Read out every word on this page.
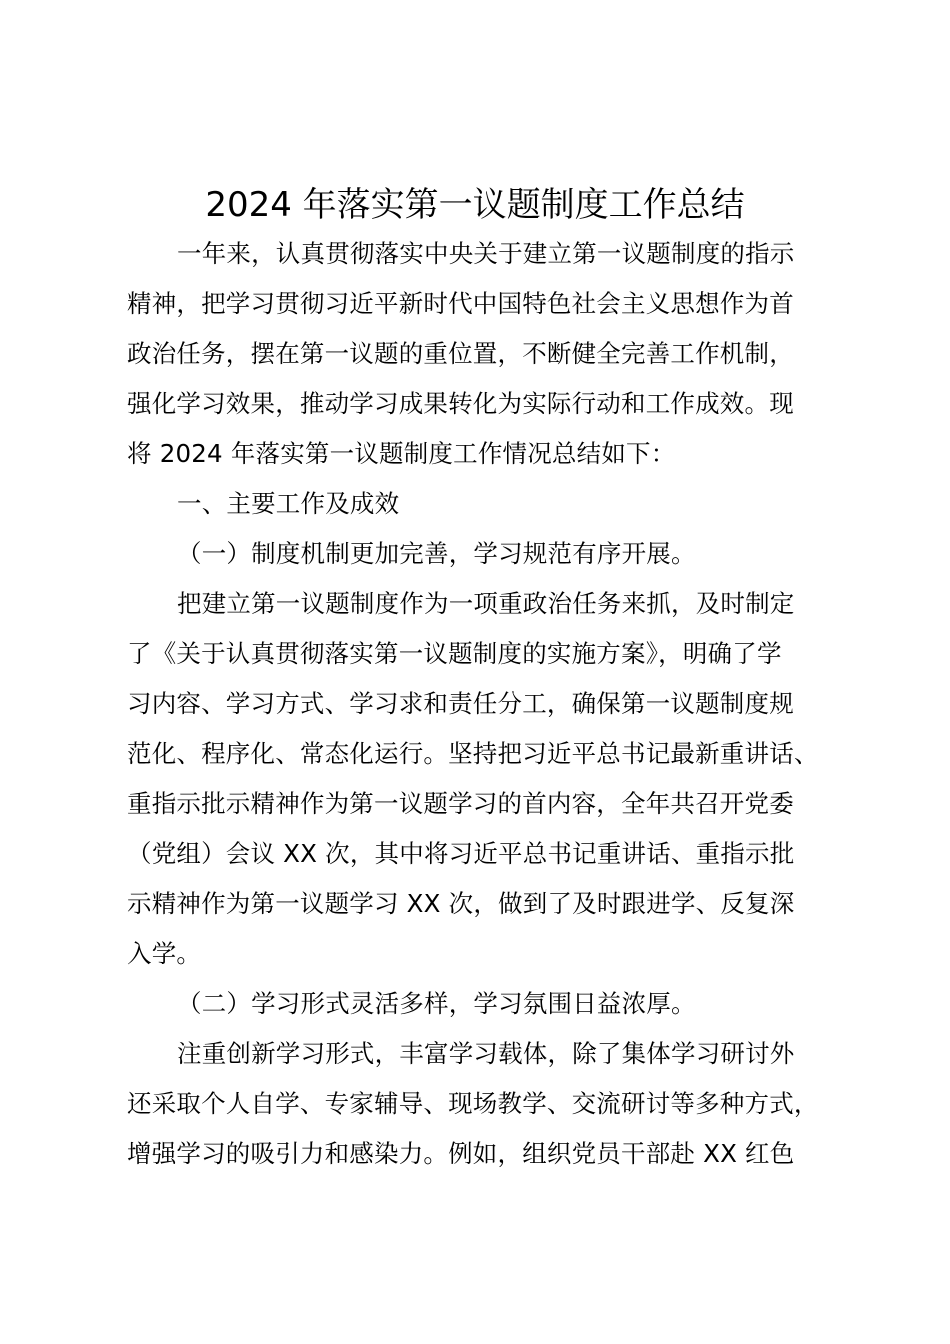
2024 年落实第一议题制度工作总结
一年来，认真贯彻落实中央关于建立第一议题制度的指示
精神，把学习贯彻习近平新时代中国特色社会主义思想作为首
政治任务，摆在第一议题的重位置，不断健全完善工作机制，
强化学习效果，推动学习成果转化为实际行动和工作成效。现
将 2024 年落实第一议题制度工作情况总结如下：
一、主要工作及成效
（一）制度机制更加完善，学习规范有序开展。
把建立第一议题制度作为一项重政治任务来抓，及时制定
了《关于认真贯彻落实第一议题制度的实施方案》，明确了学
习内容、学习方式、学习求和责任分工，确保第一议题制度规
范化、程序化、常态化运行。坚持把习近平总书记最新重讲话、
重指示批示精神作为第一议题学习的首内容，全年共召开党委
（党组）会议 XX 次，其中将习近平总书记重讲话、重指示批
示精神作为第一议题学习 XX 次，做到了及时跟进学、反复深
入学。
（二）学习形式灵活多样，学习氛围日益浓厚。
注重创新学习形式，丰富学习载体，除了集体学习研讨外
还采取个人自学、专家辅导、现场教学、交流研讨等多种方式，
增强学习的吸引力和感染力。例如，组织党员干部赴 XX 红色
